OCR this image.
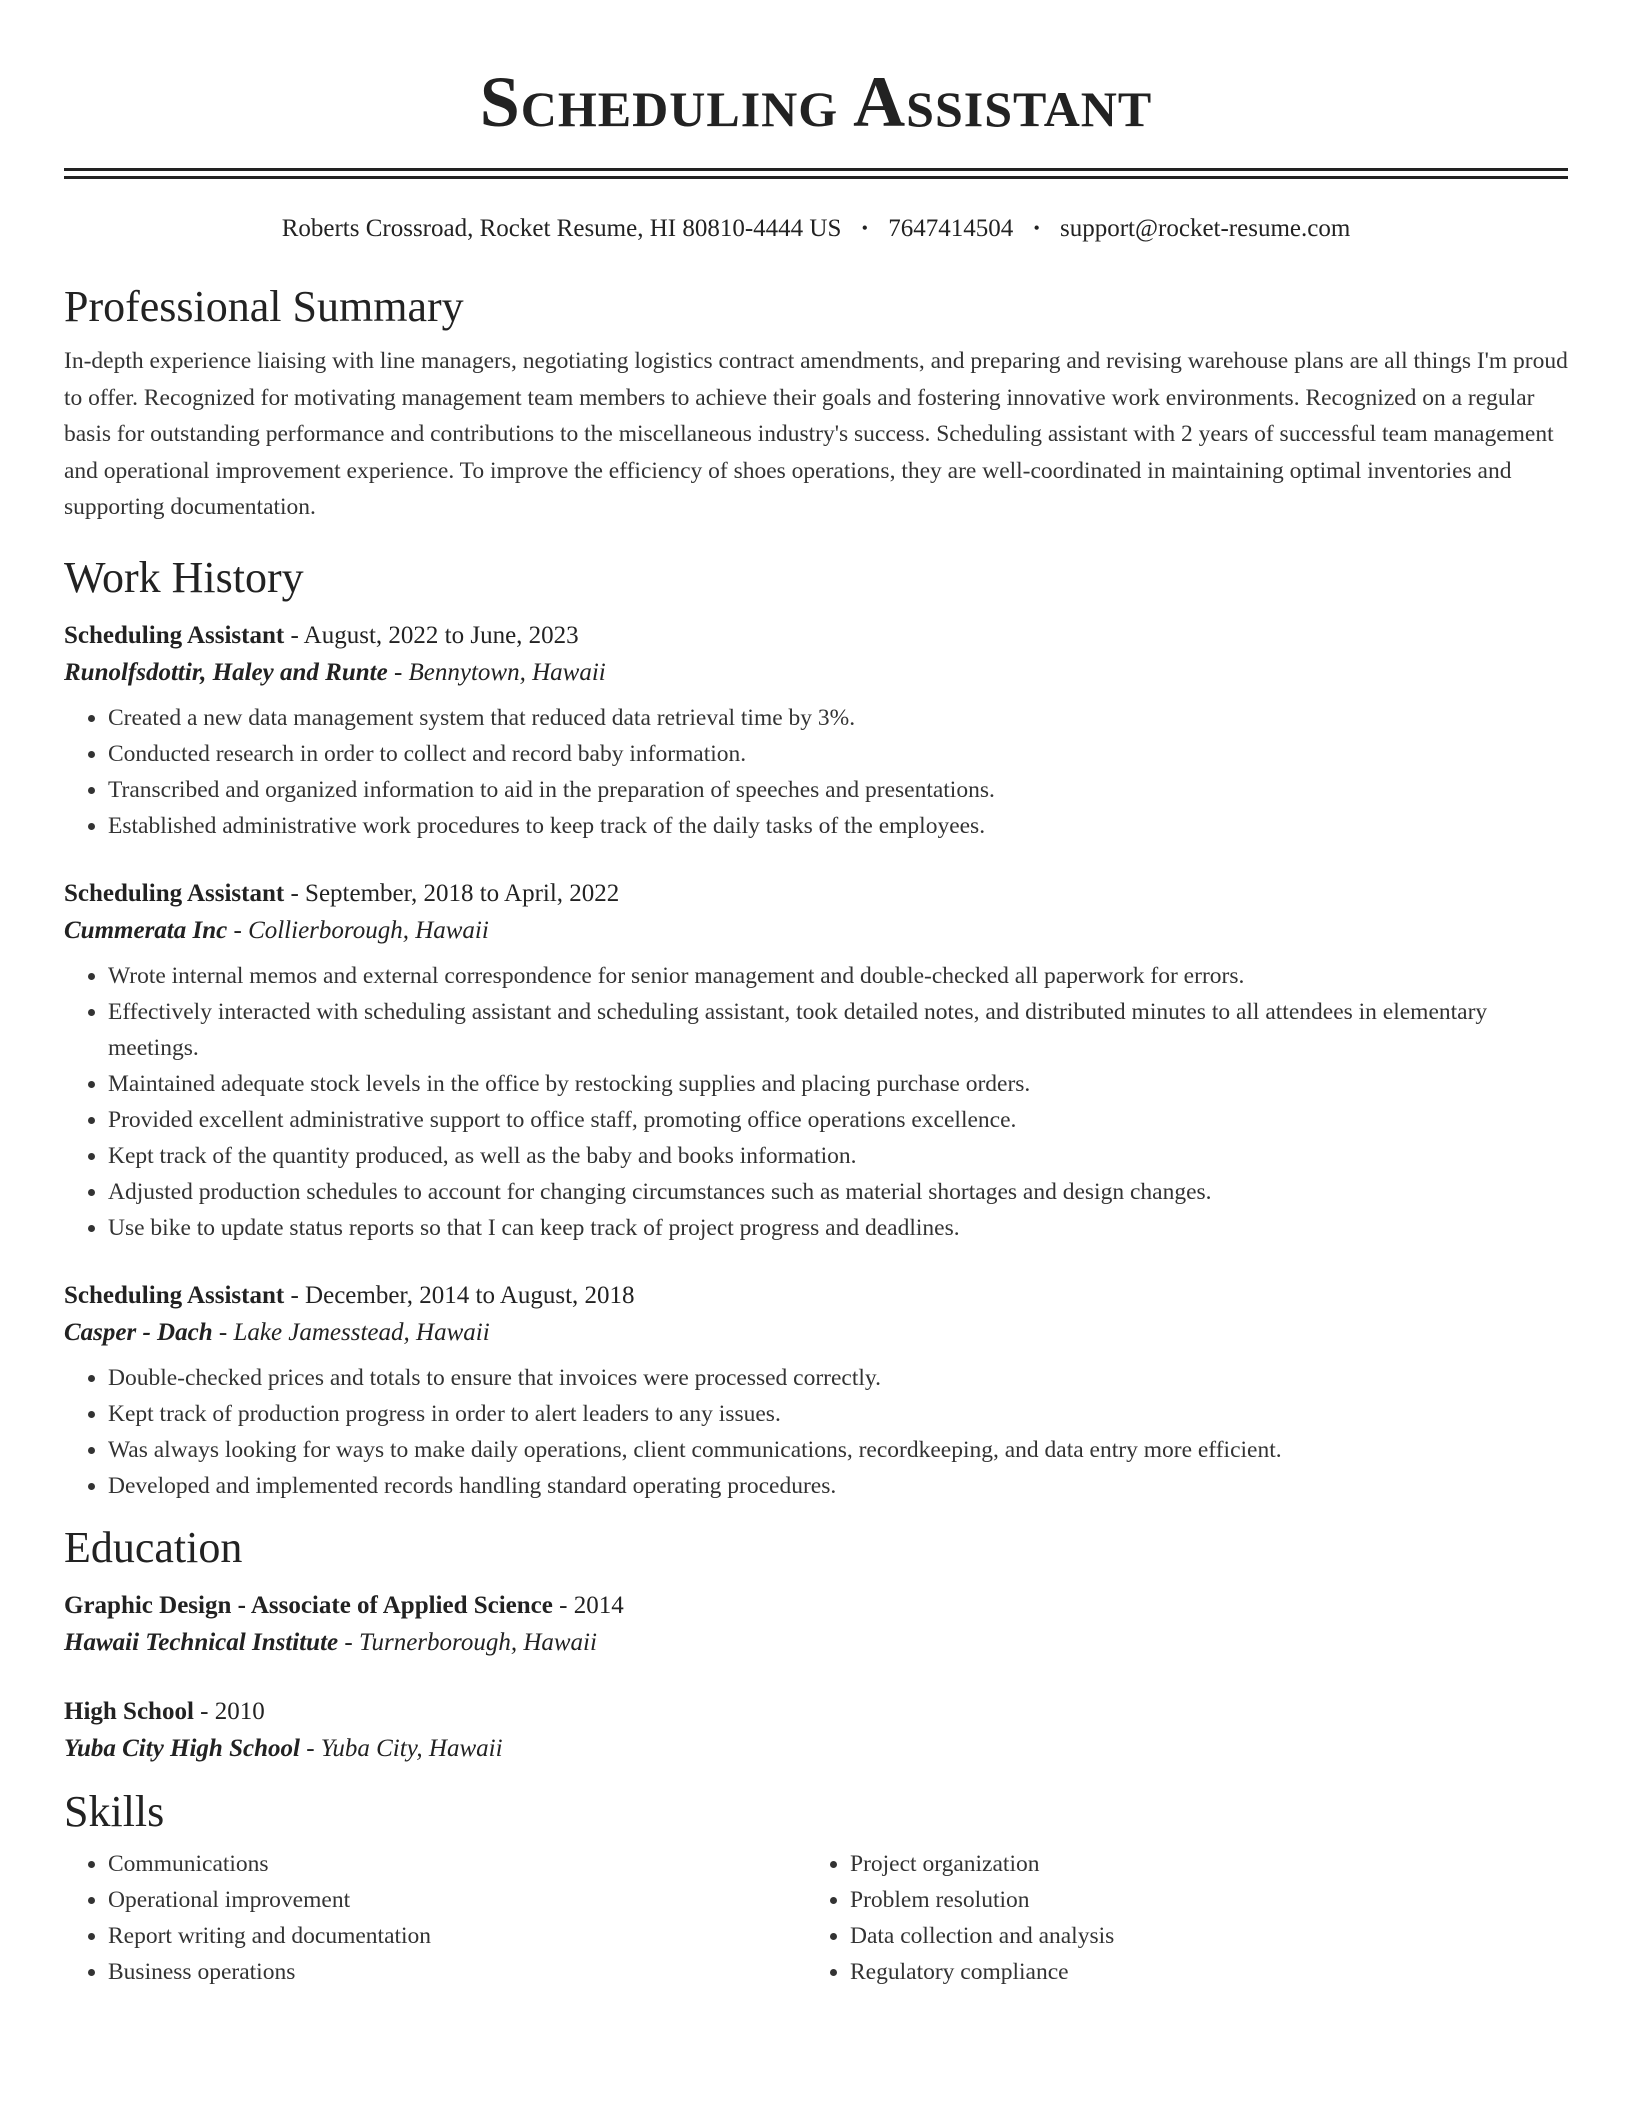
Scheduling Assistant
Roberts Crossroad, Rocket Resume, HI 80810-4444 US • 7647414504 • support@rocket-resume.com
Professional Summary

In-depth experience liaising with line managers, negotiating logistics contract amendments, and preparing and revising warehouse plans are all things I'm proud to offer. Recognized for motivating management team members to achieve their goals and fostering innovative work environments. Recognized on a regular basis for outstanding performance and contributions to the miscellaneous industry's success. Scheduling assistant with 2 years of successful team management and operational improvement experience. To improve the efficiency of shoes operations, they are well-coordinated in maintaining optimal inventories and supporting documentation.

Work History

Scheduling Assistant - August, 2022 to June, 2023

Runolfsdottir, Haley and Runte - Bennytown, Hawaii

• Created a new data management system that reduced data retrieval time by 3%.
• Conducted research in order to collect and record baby information.
• Transcribed and organized information to aid in the preparation of speeches and presentations.
• Established administrative work procedures to keep track of the daily tasks of the employees.

Scheduling Assistant - September, 2018 to April, 2022

Cummerata Inc - Collierborough, Hawaii

• Wrote internal memos and external correspondence for senior management and double-checked all paperwork for errors.
• Effectively interacted with scheduling assistant and scheduling assistant, took detailed notes, and distributed minutes to all attendees in elementary meetings.
• Maintained adequate stock levels in the office by restocking supplies and placing purchase orders.
• Provided excellent administrative support to office staff, promoting office operations excellence.
• Kept track of the quantity produced, as well as the baby and books information.
• Adjusted production schedules to account for changing circumstances such as material shortages and design changes.
• Use bike to update status reports so that I can keep track of project progress and deadlines.

Scheduling Assistant - December, 2014 to August, 2018

Casper - Dach - Lake Jamesstead, Hawaii

• Double-checked prices and totals to ensure that invoices were processed correctly.
• Kept track of production progress in order to alert leaders to any issues.
• Was always looking for ways to make daily operations, client communications, recordkeeping, and data entry more efficient.
• Developed and implemented records handling standard operating procedures.
Education

Graphic Design - Associate of Applied Science - 2014

Hawaii Technical Institute - Turnerborough, Hawaii

High School - 2010

Yuba City High School - Yuba City, Hawaii

Skills
• Communications
• Operational improvement
• Report writing and documentation
• Business operations
• Project organization
• Problem resolution
• Data collection and analysis
• Regulatory compliance
